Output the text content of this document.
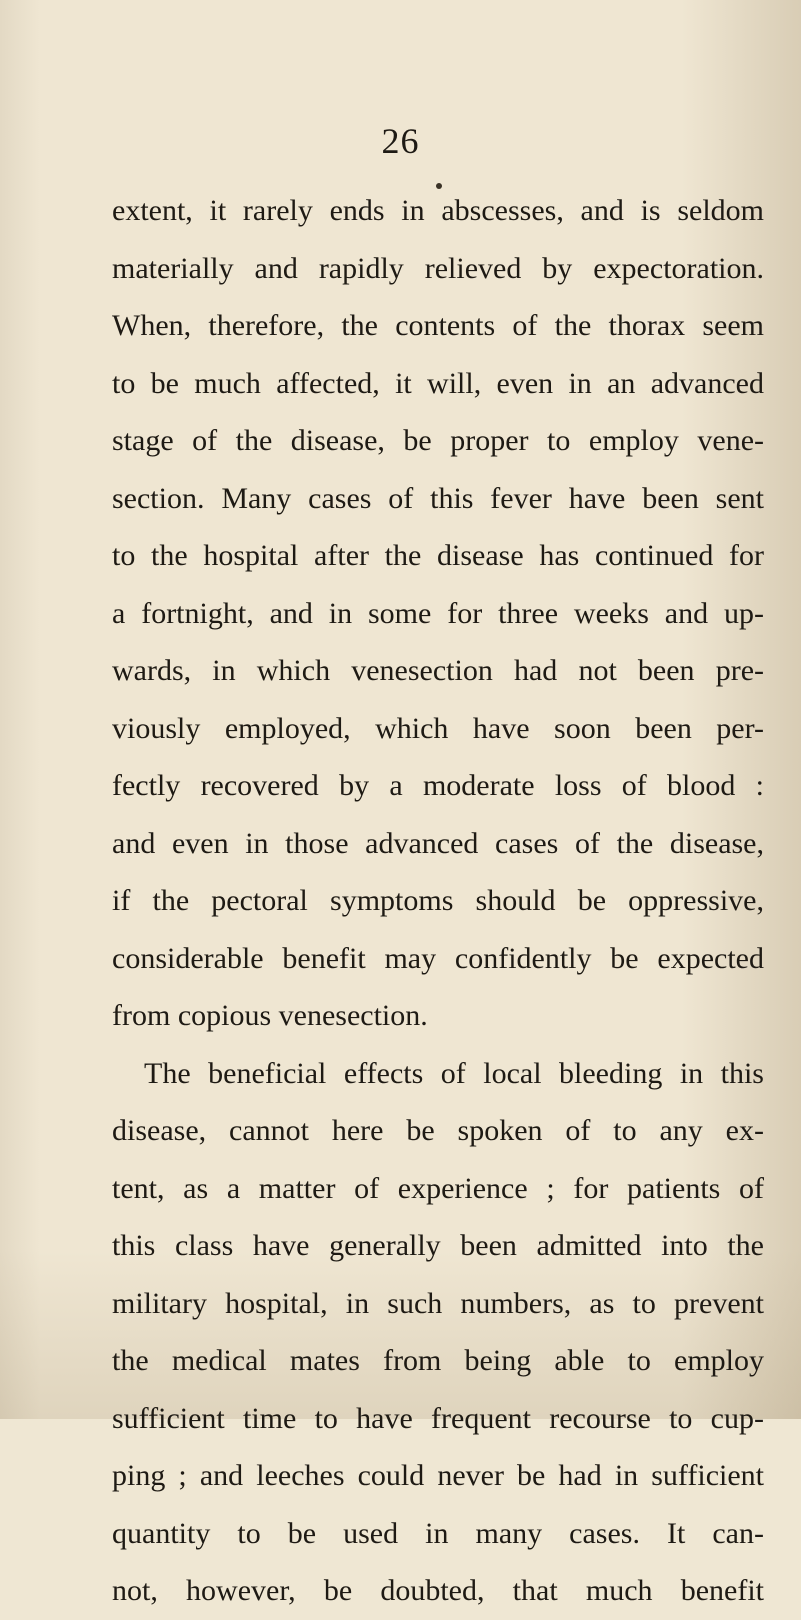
26
extent, it rarely ends in abscesses, and is seldom
materially and rapidly relieved by expectoration.
When, therefore, the contents of the thorax seem
to be much affected, it will, even in an advanced
stage of the disease, be proper to employ vene-
section. Many cases of this fever have been sent
to the hospital after the disease has continued for
a fortnight, and in some for three weeks and up-
wards, in which venesection had not been pre-
viously employed, which have soon been per-
fectly recovered by a moderate loss of blood :
and even in those advanced cases of the disease,
if the pectoral symptoms should be oppressive,
considerable benefit may confidently be expected
from copious venesection.
The beneficial effects of local bleeding in this
disease, cannot here be spoken of to any ex-
tent, as a matter of experience ; for patients of
this class have generally been admitted into the
military hospital, in such numbers, as to prevent
the medical mates from being able to employ
sufficient time to have frequent recourse to cup-
ping ; and leeches could never be had in sufficient
quantity to be used in many cases. It can-
not, however, be doubted, that much benefit
